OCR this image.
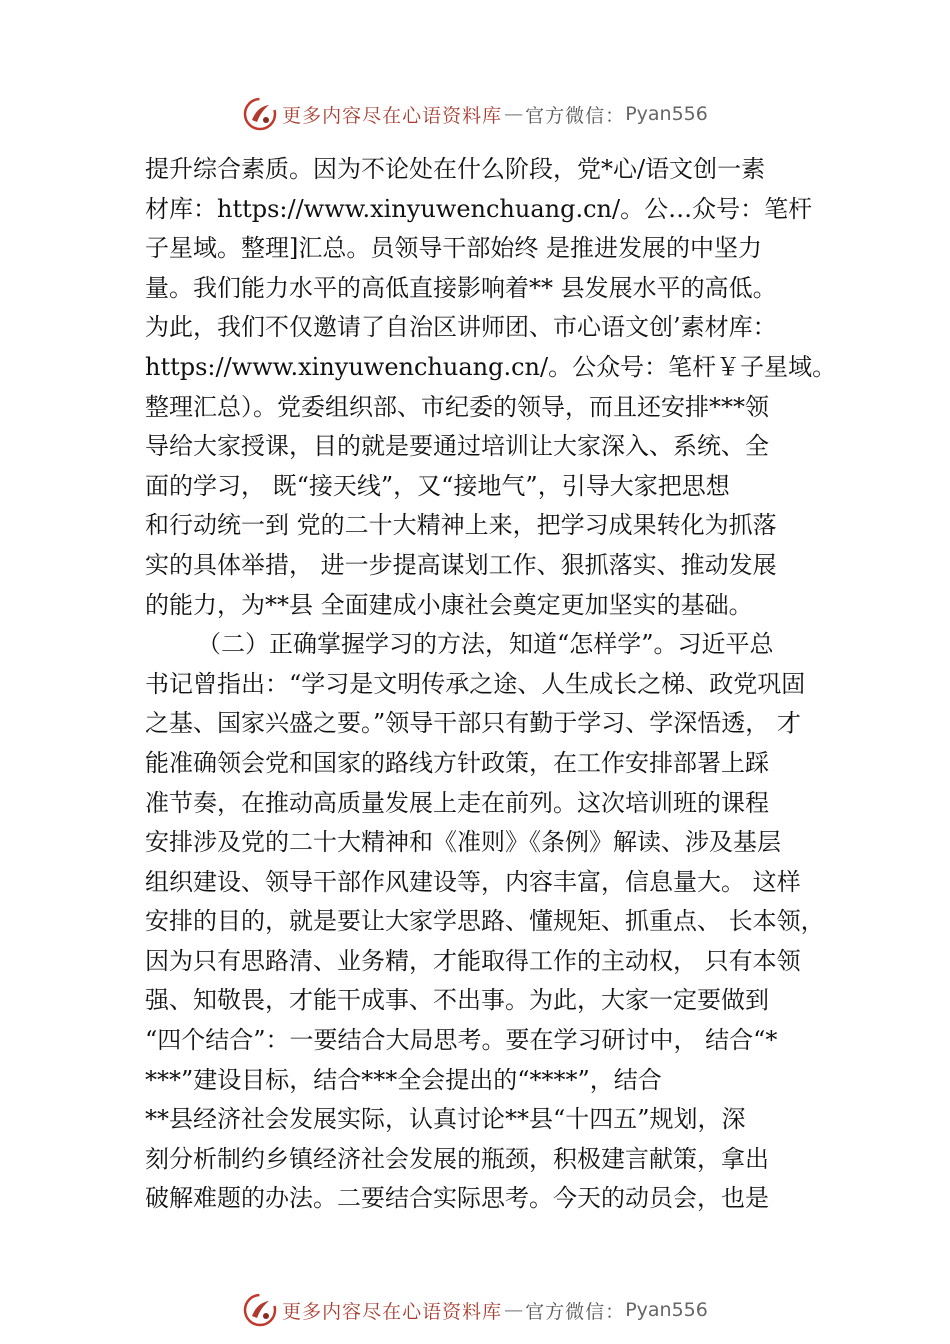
更多内容尽在心语资料库 — 官方微信： Pyan556
提升综合素质。因为不论处在什么阶段，党*心/语文创一素
材库：https://www.xinyuwenchuang.cn/。公…众号：笔杆
子星域。整理]汇总。员领导干部始终 是推进发展的中坚力
量。我们能力水平的高低直接影响着** 县发展水平的高低。
为此，我们不仅邀请了自治区讲师团、市心语文创’素材库：
https://www.xinyuwenchuang.cn/。公众号：笔杆￥子星域。
整理汇总）。党委组织部、市纪委的领导，而且还安排***领
导给大家授课，目的就是要通过培训让大家深入、系统、全
面的学习， 既“接天线”，又“接地气”，引导大家把思想
和行动统一到 党的二十大精神上来，把学习成果转化为抓落
实的具体举措， 进一步提高谋划工作、狠抓落实、推动发展
的能力，为**县 全面建成小康社会奠定更加坚实的基础。
（二）正确掌握学习的方法，知道“怎样学”。习近平总
书记曾指出：“学习是文明传承之途、人生成长之梯、政党巩固
之基、国家兴盛之要。”领导干部只有勤于学习、学深悟透， 才
能准确领会党和国家的路线方针政策，在工作安排部署上踩
准节奏，在推动高质量发展上走在前列。这次培训班的课程
安排涉及党的二十大精神和《准则》《条例》解读、涉及基层
组织建设、领导干部作风建设等，内容丰富，信息量大。 这样
安排的目的，就是要让大家学思路、懂规矩、抓重点、 长本领，
因为只有思路清、业务精，才能取得工作的主动权， 只有本领
强、知敬畏，才能干成事、不出事。为此，大家一定要做到
“四个结合”：一要结合大局思考。要在学习研讨中， 结合“*
***”建设目标，结合***全会提出的“****”，结合
**县经济社会发展实际，认真讨论**县“十四五”规划，深
刻分析制约乡镇经济社会发展的瓶颈，积极建言献策，拿出
破解难题的办法。二要结合实际思考。今天的动员会，也是
更多内容尽在心语资料库 — 官方微信： Pyan556
